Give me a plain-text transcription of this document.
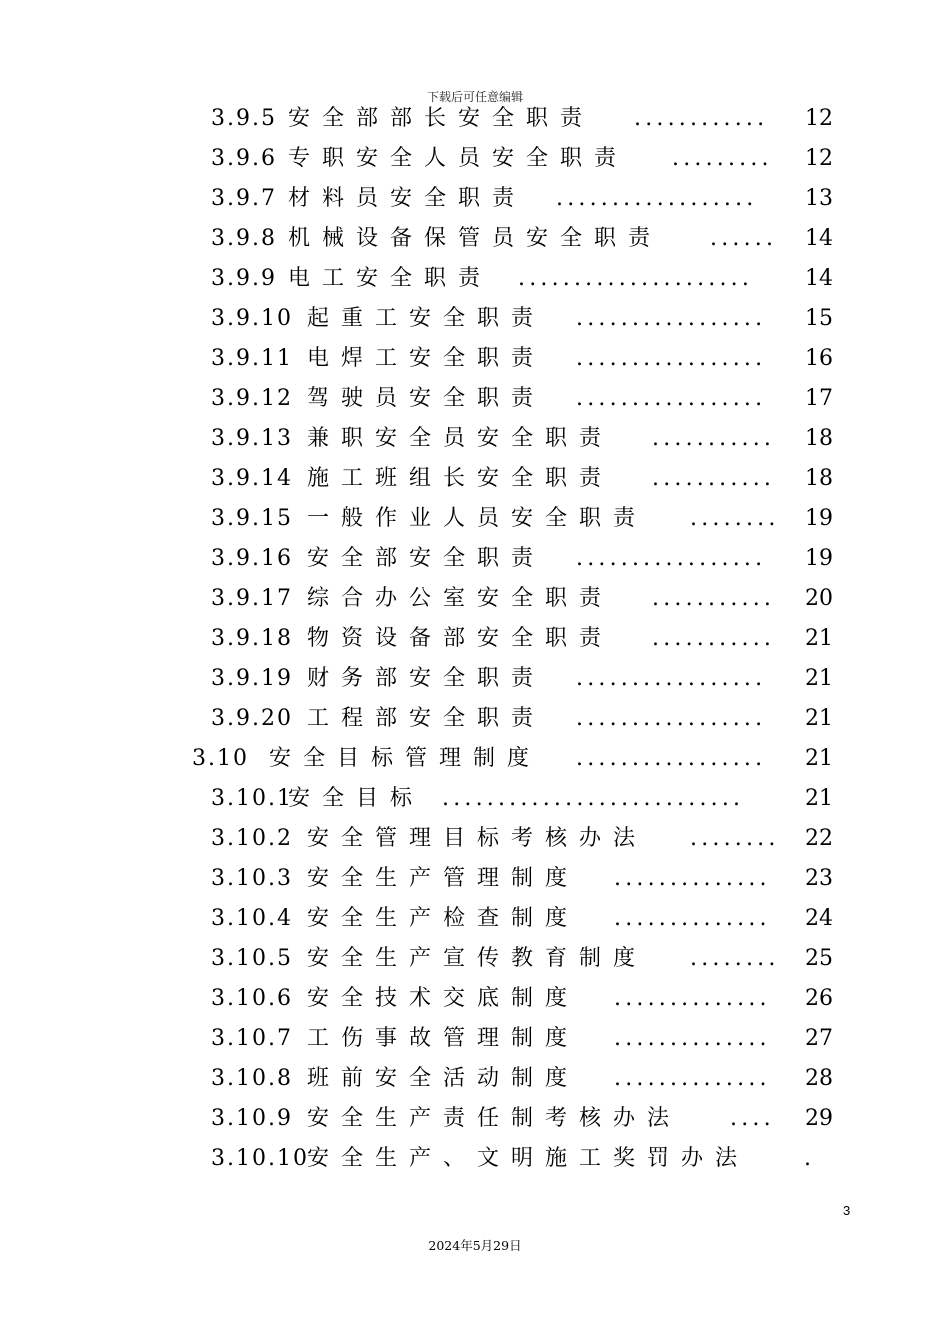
下载后可任意编辑
3.9.5 安全部部长安全职责 ............ 12
3.9.6 专职安全人员安全职责 ......... 12
3.9.7 材料员安全职责 .................. 13
3.9.8 机械设备保管员安全职责 ...... 14
3.9.9 电工安全职责 ..................... 14
3.9.10 起重工安全职责 ................. 15
3.9.11 电焊工安全职责 ................. 16
3.9.12 驾驶员安全职责 ................. 17
3.9.13 兼职安全员安全职责 ........... 18
3.9.14 施工班组长安全职责 ........... 18
3.9.15 一般作业人员安全职责 ........ 19
3.9.16 安全部安全职责 ................. 19
3.9.17 综合办公室安全职责 ........... 20
3.9.18 物资设备部安全职责 ........... 21
3.9.19 财务部安全职责 ................. 21
3.9.20 工程部安全职责 ................. 21
3.10 安全目标管理制度 ................. 21
3.10.1
安全目标 ...........................	21
3.10.2 安全管理目标考核办法 ........ 22
3.10.3 安全生产管理制度 .............. 23
3.10.4 安全生产检查制度 .............. 24
3.10.5 安全生产宣传教育制度 ........ 25
3.10.6 安全技术交底制度 .............. 26
3.10.7 工伤事故管理制度 .............. 27
3.10.8 班前安全活动制度 .............. 28
3.10.9 安全生产责任制考核办法 .... 29
3.10.10
安全生产、文明施工奖罚办法 .
3
2024年5月29日
